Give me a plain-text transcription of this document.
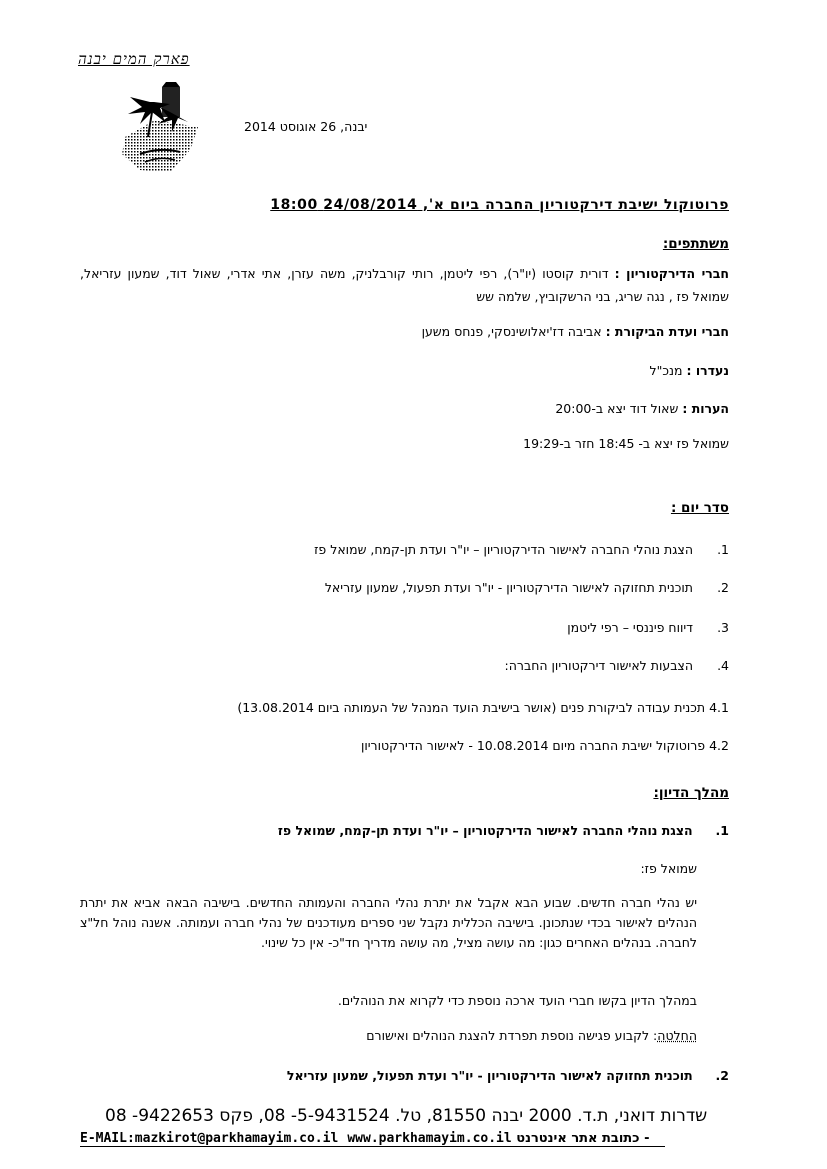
פארק המים יבנה
יבנה, 26 אוגוסט 2014
פרוטוקול ישיבת דירקטוריון החברה ביום א', 24/08/2014 18:00
משתתפים:
חברי הדירקטוריון : דורית קוסטו (יו"ר), רפי ליטמן, רותי קורבלניק, משה עזרן, אתי אדרי, שאול דוד, שמעון עזריאל, שמואל פז , נגה שריג, בני הרשקוביץ, שלמה שש
חברי ועדת הביקורת : אביבה דז'יאלושינסקי, פנחס משען
נעדרו : מנכ"ל
הערות : שאול דוד יצא ב-20:00
שמואל פז יצא ב- 18:45 חזר ב-19:29
סדר יום :
1. הצגת נוהלי החברה לאישור הדירקטוריון – יו"ר ועדת תן-קמח, שמואל פז
2. תוכנית תחזוקה לאישור הדירקטוריון - יו"ר ועדת תפעול, שמעון עזריאל
3. דיווח פיננסי – רפי ליטמן
4. הצבעות לאישור דירקטוריון החברה:
4.1 תכנית עבודה לביקורת פנים (אושר בישיבת הועד המנהל של העמותה ביום 13.08.2014)
4.2 פרוטוקול ישיבת החברה מיום 10.08.2014 - לאישור הדירקטוריון
מהלך הדיון:
1. הצגת נוהלי החברה לאישור הדירקטוריון – יו"ר ועדת תן-קמח, שמואל פז
שמואל פז:
יש נהלי חברה חדשים. שבוע הבא אקבל את יתרת נהלי החברה והעמותה החדשים. בישיבה הבאה אביא את יתרת הנהלים לאישור בכדי שנתכונן. בישיבה הכללית נקבל שני ספרים מעודכנים של נהלי חברה ועמותה. אשנה נוהל חל"צ לחברה. בנהלים האחרים כגון: מה עושה מציל, מה עושה מדריך חד"כ- אין כל שינוי.
במהלך הדיון בקשו חברי הועד ארכה נוספת כדי לקרוא את הנוהלים.
החלטה: לקבוע פגישה נוספת תפרדת להצגת הנוהלים ואישורם
2. תוכנית תחזוקה לאישור הדירקטוריון - יו"ר ועדת תפעול, שמעון עזריאל
שדרות דואני, ת.ד. 2000 יבנה 81550, טל. 5-9431524- 08, פקס 9422653- 08
E-MAIL:mazkirot@parkhamayim.co.il www.parkhamayim.co.il - כתובת אתר אינטרנט
